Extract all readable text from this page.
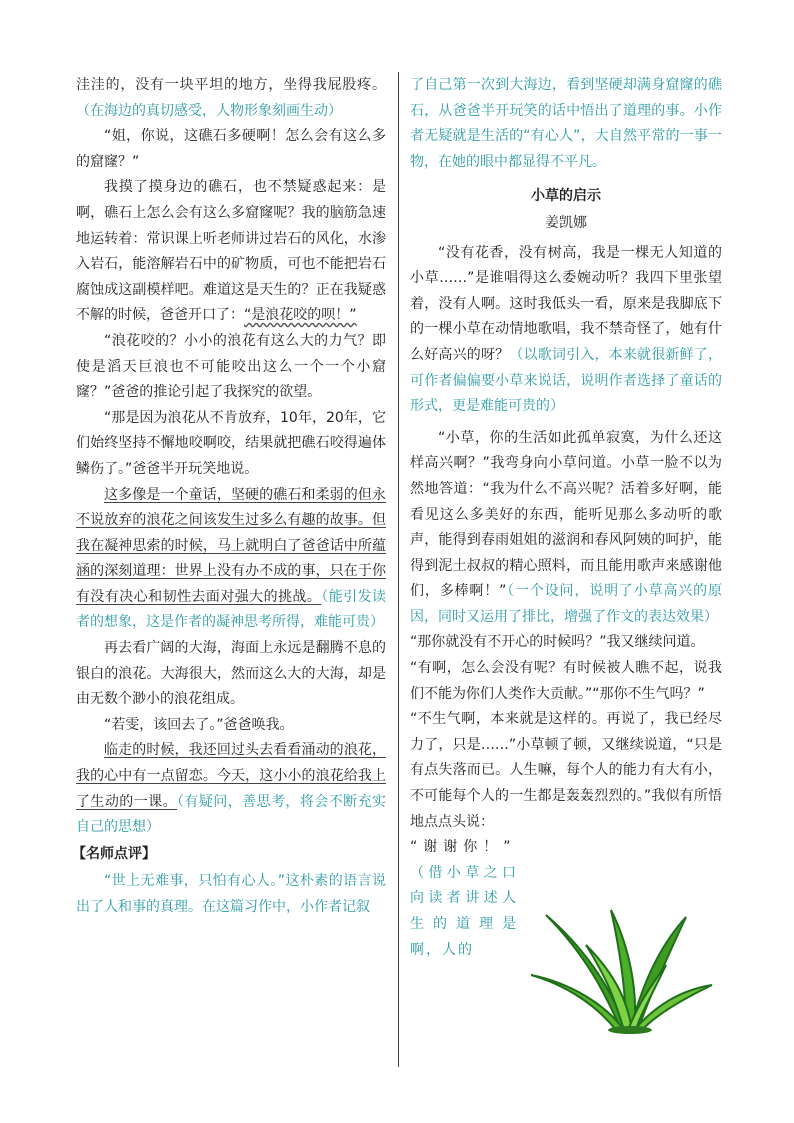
洼洼的，没有一块平坦的地方，坐得我屁股疼。（在海边的真切感受，人物形象刻画生动）

“姐，你说，这礁石多硬啊！怎么会有这么多的窟窿？”

我摸了摸身边的礁石，也不禁疑惑起来：是啊，礁石上怎么会有这么多窟窿呢？我的脑筋急速地运转着：常识课上听老师讲过岩石的风化，水渗入岩石，能溶解岩石中的矿物质，可也不能把岩石腐蚀成这副模样吧。难道这是天生的？正在我疑惑不解的时候，爸爸开口了：“是浪花咬的呗！”

“浪花咬的？小小的浪花有这么大的力气？即使是滔天巨浪也不可能咬出这么一个一个小窟窿？”爸爸的推论引起了我探究的欲望。

“那是因为浪花从不肯放弃，10年，20年，它们始终坚持不懈地咬啊咬，结果就把礁石咬得遍体鳞伤了。”爸爸半开玩笑地说。

这多像是一个童话，坚硬的礁石和柔弱的但永不说放弃的浪花之间该发生过多么有趣的故事。但我在凝神思索的时候，马上就明白了爸爸话中所蕴涵的深刻道理：世界上没有办不成的事，只在于你有没有决心和韧性去面对强大的挑战。（能引发读者的想象，这是作者的凝神思考所得，难能可贵）

再去看广阔的大海，海面上永远是翻腾不息的银白的浪花。大海很大，然而这么大的大海，却是由无数个渺小的浪花组成。

“若雯，该回去了。”爸爸唤我。

临走的时候，我还回过头去看看涌动的浪花，我的心中有一点留恋。今天，这小小的浪花给我上了生动的一课。（有疑问，善思考，将会不断充实自己的思想）

【名师点评】

“世上无难事，只怕有心人。”这朴素的语言说出了人和事的真理。在这篇习作中，小作者记叙

了自己第一次到大海边，看到坚硬却满身窟窿的礁石，从爸爸半开玩笑的话中悟出了道理的事。小作者无疑就是生活的“有心人”，大自然平常的一事一物，在她的眼中都显得不平凡。

小草的启示

姜凯娜

“没有花香，没有树高，我是一棵无人知道的小草……”是谁唱得这么委婉动听？我四下里张望着，没有人啊。这时我低头一看，原来是我脚底下的一棵小草在动情地歌唱，我不禁奇怪了，她有什么好高兴的呀？（以歌词引入，本来就很新鲜了，可作者偏偏要小草来说话，说明作者选择了童话的形式，更是难能可贵的）

“小草，你的生活如此孤单寂寞，为什么还这样高兴啊？”我弯身向小草问道。小草一脸不以为然地答道：“我为什么不高兴呢？活着多好啊，能看见这么多美好的东西，能听见那么多动听的歌声，能得到春雨姐姐的滋润和春风阿姨的呵护，能得到泥土叔叔的精心照料，而且能用歌声来感谢他们，多棒啊！”（一个设问，说明了小草高兴的原因，同时又运用了排比，增强了作文的表达效果）

“那你就没有不开心的时候吗？”我又继续问道。

“有啊，怎么会没有呢？有时候被人瞧不起，说我们不能为你们人类作大贡献。”“那你不生气吗？”

“不生气啊，本来就是这样的。再说了，我已经尽力了，只是……”小草顿了顿，又继续说道，“只是有点失落而已。人生嘛，每个人的能力有大有小，不可能每个人的一生都是轰轰烈烈的。”我似有所悟地点点头说：

“谢谢你！”

（借小草之口向读者讲述人生的道理是啊，人的
